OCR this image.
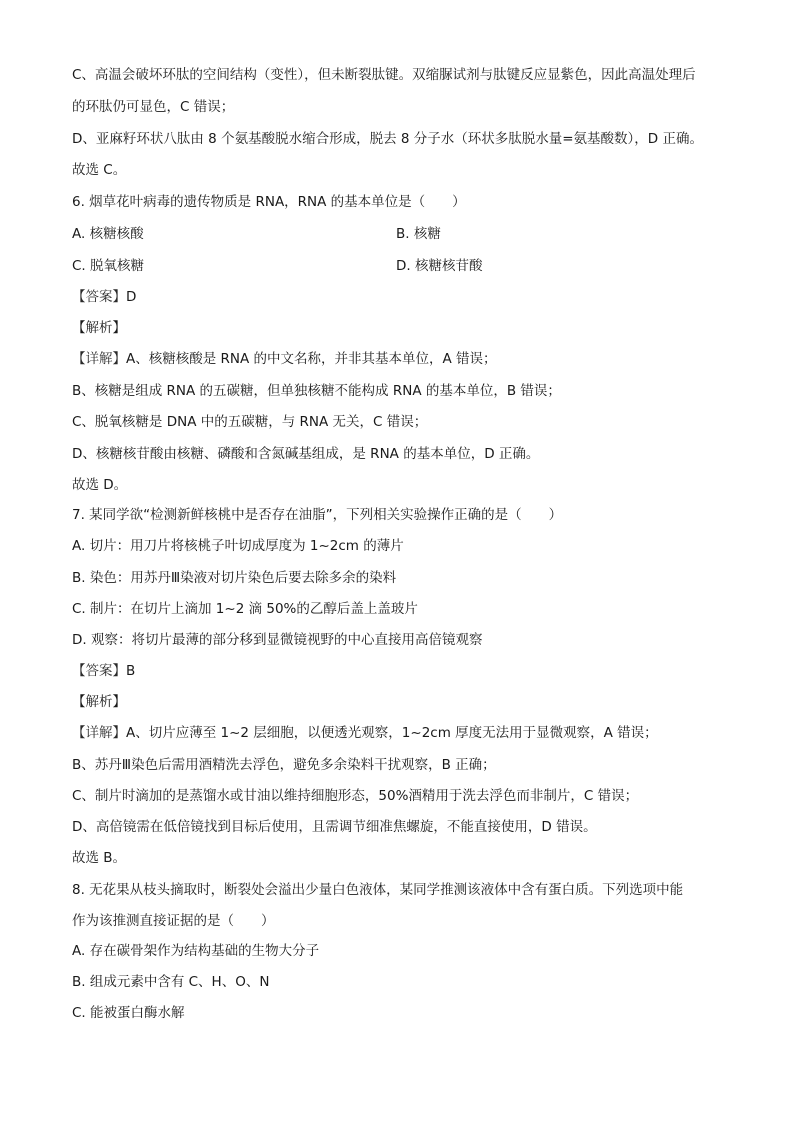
C、高温会破坏环肽的空间结构（变性），但未断裂肽键。双缩脲试剂与肽键反应显紫色，因此高温处理后
的环肽仍可显色，C 错误；
D、亚麻籽环状八肽由 8 个氨基酸脱水缩合形成，脱去 8 分子水（环状多肽脱水量=氨基酸数），D 正确。
故选 C。
6. 烟草花叶病毒的遗传物质是 RNA，RNA 的基本单位是（　　）
A. 核糖核酸	B. 核糖
C. 脱氧核糖	D. 核糖核苷酸
【答案】D
【解析】
【详解】A、核糖核酸是 RNA 的中文名称，并非其基本单位，A 错误；
B、核糖是组成 RNA 的五碳糖，但单独核糖不能构成 RNA 的基本单位，B 错误；
C、脱氧核糖是 DNA 中的五碳糖，与 RNA 无关，C 错误；
D、核糖核苷酸由核糖、磷酸和含氮碱基组成，是 RNA 的基本单位，D 正确。
故选 D。
7. 某同学欲“检测新鲜核桃中是否存在油脂”，下列相关实验操作正确的是（　　）
A. 切片：用刀片将核桃子叶切成厚度为 1~2cm 的薄片
B. 染色：用苏丹Ⅲ染液对切片染色后要去除多余的染料
C. 制片：在切片上滴加 1~2 滴 50%的乙醇后盖上盖玻片
D. 观察：将切片最薄的部分移到显微镜视野的中心直接用高倍镜观察
【答案】B
【解析】
【详解】A、切片应薄至 1~2 层细胞，以便透光观察，1~2cm 厚度无法用于显微观察，A 错误；
B、苏丹Ⅲ染色后需用酒精洗去浮色，避免多余染料干扰观察，B 正确；
C、制片时滴加的是蒸馏水或甘油以维持细胞形态，50%酒精用于洗去浮色而非制片，C 错误；
D、高倍镜需在低倍镜找到目标后使用，且需调节细准焦螺旋，不能直接使用，D 错误。
故选 B。
8. 无花果从枝头摘取时，断裂处会溢出少量白色液体，某同学推测该液体中含有蛋白质。下列选项中能
作为该推测直接证据的是（　　）
A. 存在碳骨架作为结构基础的生物大分子
B. 组成元素中含有 C、H、O、N
C. 能被蛋白酶水解
